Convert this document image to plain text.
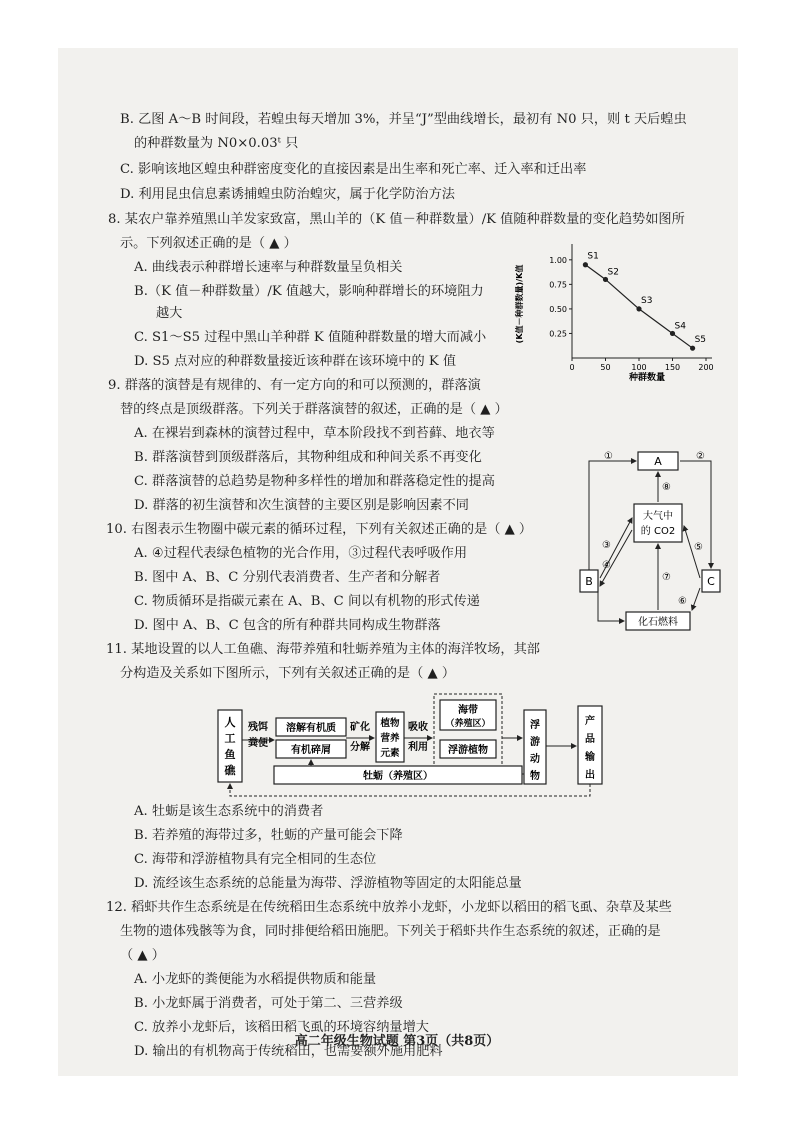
B. 乙图 A～B 时间段，若蝗虫每天增加 3%，并呈“J”型曲线增长，最初有 N0 只，则 t 天后蝗虫
的种群数量为 N0×0.03ᵗ 只
C. 影响该地区蝗虫种群密度变化的直接因素是出生率和死亡率、迁入率和迁出率
D. 利用昆虫信息素诱捕蝗虫防治蝗灾，属于化学防治方法
8. 某农户靠养殖黑山羊发家致富，黑山羊的（K 值－种群数量）/K 值随种群数量的变化趋势如图所
示。下列叙述正确的是（ ▲ ）
A. 曲线表示种群增长速率与种群数量呈负相关
B.（K 值－种群数量）/K 值越大，影响种群增长的环境阻力
越大
C. S1～S5 过程中黑山羊种群 K 值随种群数量的增大而减小
D. S5 点对应的种群数量接近该种群在该环境中的 K 值	0	50	100 150 200
0.25
0.50
0.75
1.00 S1
S2
S3
S4
S5
种群数量
(K值－种群数量)/K值
9. 群落的演替是有规律的、有一定方向的和可以预测的，群落演
替的终点是顶级群落。下列关于群落演替的叙述，正确的是（ ▲ ）
A. 在裸岩到森林的演替过程中，草本阶段找不到苔藓、地衣等
B. 群落演替到顶级群落后，其物种组成和种间关系不再变化
C. 群落演替的总趋势是物种多样性的增加和群落稳定性的提高
D. 群落的初生演替和次生演替的主要区别是影响因素不同
10. 右图表示生物圈中碳元素的循环过程，下列有关叙述正确的是（ ▲ ）
A. ④过程代表绿色植物的光合作用，③过程代表呼吸作用
B. 图中 A、B、C 分别代表消费者、生产者和分解者
C. 物质循环是指碳元素在 A、B、C 间以有机物的形式传递
D. 图中 A、B、C 包含的所有种群共同构成生物群落
A
大气中
的 CO2
B	C
化石燃料
①	②
⑧
③
④
⑤
⑥
⑦
11. 某地设置的以人工鱼礁、海带养殖和牡蛎养殖为主体的海洋牧场，其部
分构造及关系如下图所示，下列有关叙述正确的是（ ▲ ）
人
工
鱼
礁
残饵
粪便
溶解有机质
有机碎屑
矿化
分解
植物
营养
元素
吸收
利用
海带
（养殖区）
浮游植物
浮
游
动
物
产
品
输
出
牡蛎（养殖区）
A. 牡蛎是该生态系统中的消费者
B. 若养殖的海带过多，牡蛎的产量可能会下降
C. 海带和浮游植物具有完全相同的生态位
D. 流经该生态系统的总能量为海带、浮游植物等固定的太阳能总量
12. 稻虾共作生态系统是在传统稻田生态系统中放养小龙虾，小龙虾以稻田的稻飞虱、杂草及某些
生物的遗体残骸等为食，同时排便给稻田施肥。下列关于稻虾共作生态系统的叙述，正确的是
（ ▲ ）
A. 小龙虾的粪便能为水稻提供物质和能量
B. 小龙虾属于消费者，可处于第二、三营养级
C. 放养小龙虾后，该稻田稻飞虱的环境容纳量增大
D. 输出的有机物高于传统稻田，也需要额外施用肥料
高二年级生物试题 第3页（共8页）
